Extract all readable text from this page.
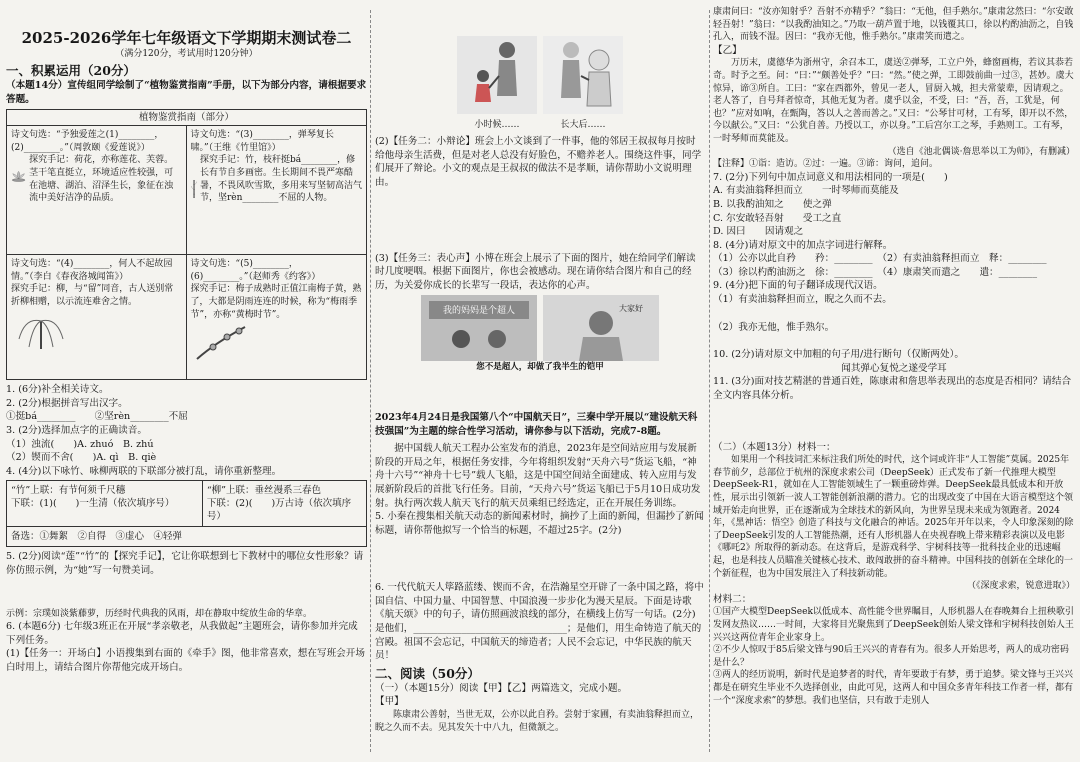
2025-2026学年七年级语文下学期期末测试卷二

（满分120分，考试用时120分钟）

一、积累运用（20分）

（本题14分）宣传组同学绘制了“植物鉴赏指南”手册，以下为部分内容，请根据要求答题。

植物鉴赏指南（部分）

诗文句选：“予独爱莲之(1)________，(2)________。”（周敦颐《爱莲说》）

探究手记：荷花，亦称莲花、芙蓉。茎干笔直挺立，环境适应性较强，可在池塘、湖泊、沼泽生长，象征在浊流中美好洁净的品质。

诗文句选：“(3)________，弹琴复长啸。”（王维《竹里馆》）

探究手记：竹，枝秆挺bá________，修长有节自多画密。生长期间不畏严寒酷暑，不畏风吹雪欺，多用来写坚韧高洁气节，坚rèn________不屈的人物。

诗文句选：“(4)________，何人不起故园情。”（李白《春夜洛城闻笛》）

探究手记：柳，与“留”同音，古人送别常折柳相赠，以示流连难舍之情。

诗文句选：“(5)________，(6)________。”（赵师秀《约客》）

探究手记：梅子成熟时正值江南梅子黄，熟了，大都是阴雨连连的时候，称为“梅雨季节”，亦称“黄梅时节”。

1. (6分)补全相关诗文。

2. (2分)根据拼音写出汉字。

①挺bá________　　②坚rèn________不屈

3. (2分)选择加点字的正确读音。

（1）浊流(　　)A. zhuó　B. zhú

（2）锲而不舍(　　)A. qì　B. qiè

4. (4分)以下咏竹、咏柳两联的下联部分被打乱，请你重新整理。

“竹”上联：有节何须千尺穗

下联：(1)(　　)一生清（依次填序号）

“柳”上联：垂丝漫系三春色

下联：(2)(　　)万古诗（依次填序号）

备选：①舞絮　②自得　③虚心　④轻弹

5. (2分)阅读“莲”“竹”的【探究手记】，它让你联想到七下教材中的哪位女性形象？请你仿照示例，为“她”写一句赞美词。

示例：宗璞如淡紫藤萝，历经时代典我的风雨，却在静取中绽放生命的华章。

6. (本题6分) 七年级3班正在开展“孝亲敬老，从我做起”主题班会，请你参加并完成下列任务。

(1)【任务一：开场白】小语搜集到右面的《牵手》图，他非常喜欢，想在写班会开场白时用上，请结合图片你帮他完成开场白。

小时候……	长大后……

(2)【任务二：小辩论】班会上小文谈到了一件事，他的邻居王叔叔每月按时给他母亲生活费，但是对老人总没有好脸色，不赡养老人。围绕这件事，同学们展开了辩论。小文的观点是王叔叔的做法不是孝顺，请你帮助小文说明理由。

(3)【任务三：表心声】小博在班会上展示了下面的图片，她在给同学们解读时几度哽咽。根据下面图片，你也会被感动。现在请你结合图片和自己的经历，为关爱你成长的长辈写一段话，表达你的心声。

我的妈妈是个超人	大家好

您不是超人，却做了我半生的铠甲

2023年4月24日是我国第八个“中国航天日”，三秦中学开展以“建设航天科技强国”为主题的综合性学习活动，请你参与以下活动，完成7-8题。

据中国载人航天工程办公室发布的消息，2023年是空间站应用与发展新阶段的开局之年，根据任务安排，今年将组织发射“天舟六号”货运飞船，“神舟十六号”“神舟十七号”载人飞船，这是中国空间站全面建成、转入应用与发展新阶段后的首批飞行任务。目前，“天舟六号”货运飞船已于5月10日成功发射。执行两次载人航天飞行的航天员乘组已经选定，正在开展任务训练。

5. 小秦在搜集相关航天动态的新闻素材时，摘抄了上面的新闻，但漏抄了新闻标题，请你帮他拟写一个恰当的标题，不超过25字。(2分)

6. 一代代航天人筚路蓝缕、锲而不舍，在浩瀚星空开辟了一条中国之路，将中国自信、中国力量、中国智慧、中国浪漫一步步化为漫天星辰。下面是诗歌《航天颂》中的句子，请仿照画波浪线的部分，在横线上仿写一句话。(2分)

是他们，________________________________；是他们，用生命铸造了航天的宫殿。祖国不会忘记，中国航天的缔造者；人民不会忘记，中华民族的航天员！

二、阅读（50分）

（一）（本题15分）阅读【甲】【乙】两篇选文，完成小题。

【甲】

陈康肃公善射，当世无双，公亦以此自矜。尝射于家圃，有卖油翁释担而立，睨之久而不去。见其发矢十中八九，但微颔之。

康肃问曰：“汝亦知射乎？吾射不亦精乎？”翁曰：“无他，但手熟尔。”康肃忿然曰：“尔安敢轻吾射！”翁曰：“以我酌油知之。”乃取一葫芦置于地，以钱覆其口，徐以杓酌油沥之，自钱孔入，而钱不湿。因曰：“我亦无他，惟手熟尔。”康肃笑而遣之。

【乙】

万历末，虞德华为浙州守，余召本工，虞送②弹琴，工立户外，蜂窗画梅，若议其恭若奇。时予之至。问：“曰：”“颇善处乎？”曰：“然。”使之弹，工即鼓前曲一过③，甚妙。虞大惊异，谛③所自。工曰：“家在西都外，曾见一老人，冒厨入城，担夫常蒙辈，因请观之。老人答了，自号拜者惊奇，其他无复为者。虞乎以金，不受，曰：“吾，吾，工犹是，何也？”应对如响，在甄陶，答以人之善而善之。”又曰：“公琴甘可材，工有琴，即开以不然，今以献公。”又曰：“公犹自善。乃授以工，亦以身。”工后宫尔工之琴，手熟则工。工有琴，一时琴师而莫能及。

（选自《池北偶谈·詹思举以工为师》，有删减）

【注释】①诣：造访。②过：一遍。③谛：询问，追问。

7. (2分)下列句中加点词意义和用法相同的一项是(　　)

A. 有卖油翁释担而立　　一时琴师而莫能及

B. 以我酌油知之　　使之弹

C. 尔安敢轻吾射　　受工之直

D. 因曰　　因请观之

8. (4分)请对原文中的加点字词进行解释。

（1）公亦以此自矜　　矜：________　（2）有卖油翁释担而立　释：________

（3）徐以杓酌油沥之　徐：________　（4）康肃笑而遣之　　遣：________

9. (4分)把下面的句子翻译成现代汉语。

（1）有卖油翁释担而立，睨之久而不去。

（2）我亦无他，惟手熟尔。

10. (2分)请对原文中加粗的句子用/进行断句（仅断两处）。

闻其弹心复悦之遂受学耳

11. (3分)面对技艺精湛的普通百姓，陈康肃和詹思举表现出的态度是否相同？请结合全文内容具体分析。

（二）（本题13分）材料一：

如果用一个科技词汇来标注我们所处的时代，这个词或许非“人工智能”莫属。2025年春节前夕，总部位于杭州的深度求索公司（DeepSeek）正式发布了新一代推理大模型DeepSeek-R1，就如在人工智能领域生了一颗重磅炸弹。DeepSeek最具低成本和开放性，展示出引领新一波人工智能创新浪潮的潜力。它的出现改变了中国在大语言模型这个领域开始走向世界，正在逐渐成为全球技术的新风向，为世界呈现未来成为领跑者。2024年，《黑神话：悟空》创造了科技与文化融合的神话。2025年开年以来，令人印象深刻的除了DeepSeek引发的人工智能热潮，还有人形机器人在央视春晚上带来精彩表演以及电影《哪吒2》所取得的新动态。在这背后，是游戏科学、宇树科技等一批科技企业的迅速崛起，也是科技人员瞄准关键核心技术、敢闯敢拼的奋斗精神。中国科技的创新在全球化的一个新征程，也为中国发展注入了科技新动能。

（《深度求索，锐意进取》）

材料二：

①国产大模型DeepSeek以低成本、高性能令世界瞩目，人形机器人在春晚舞台上扭秧歌引发网友热议……一时间，大家将目光聚焦到了DeepSeek创始人梁文锋和宇树科技创始人王兴兴这两位青年企业家身上。

②不少人惊叹于85后梁文锋与90后王兴兴的青春有为。很多人开始思考，两人的成功密码是什么？

③两人的经历说明，新时代是追梦者的时代，青年要敢于有梦，勇于追梦。梁文锋与王兴兴都是在研究生毕业不久选择创业，由此可见，这两人和中国众多青年科技工作者一样，都有一个“深度求索”的梦想。我们也坚信，只有敢于走别人
